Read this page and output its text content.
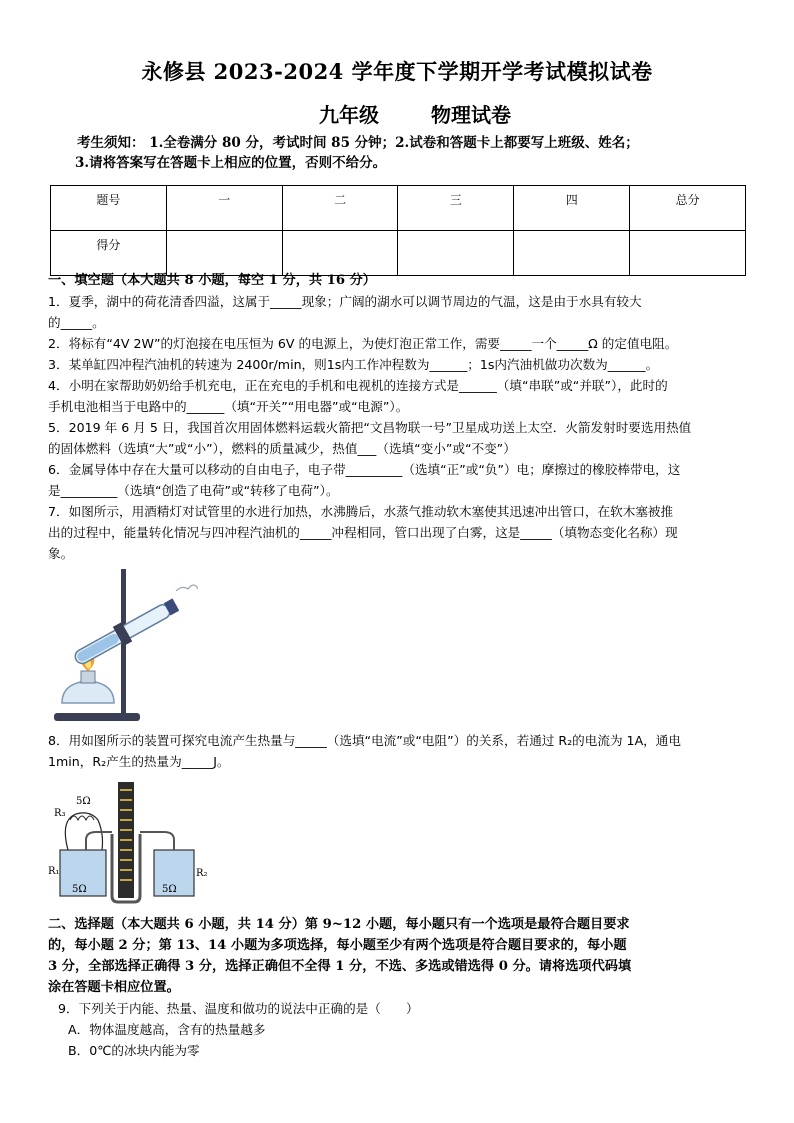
永修县 2023-2024 学年度下学期开学考试模拟试卷
九年级	物理试卷
考生须知： 1.全卷满分 80 分，考试时间 85 分钟；2.试卷和答题卡上都要写上班级、姓名；
3.请将答案写在答题卡上相应的位置，否则不给分。
题号	一	二	三	四	总分
得分					
一、填空题（本大题共 8 小题，每空 1 分，共 16 分）
1．夏季，湖中的荷花清香四溢，这属于_____现象；广阔的湖水可以调节周边的气温，这是由于水具有较大
的_____。
2．将标有“4V 2W”的灯泡接在电压恒为 6V 的电源上，为使灯泡正常工作，需要_____一个_____Ω 的定值电阻。
3．某单缸四冲程汽油机的转速为 2400r/min，则1s内工作冲程数为______；1s内汽油机做功次数为______。
4．小明在家帮助奶奶给手机充电，正在充电的手机和电视机的连接方式是______（填“串联”或“并联”），此时的
手机电池相当于电路中的______（填“开关”“用电器”或“电源”）。
5．2019 年 6 月 5 日，我国首次用固体燃料运载火箭把“文昌物联一号”卫星成功送上太空．火箭发射时要选用热值
的固体燃料（选填“大”或“小”），燃料的质量减少，热值___（选填“变小”或“不变”）
6．金属导体中存在大量可以移动的自由电子，电子带_________（选填“正”或“负”）电；摩擦过的橡胶棒带电，这
是_________（选填“创造了电荷”或“转移了电荷”）。
7．如图所示，用酒精灯对试管里的水进行加热，水沸腾后，水蒸气推动软木塞使其迅速冲出管口，在软木塞被推
出的过程中，能量转化情况与四冲程汽油机的_____冲程相同，管口出现了白雾，这是_____（填物态变化名称）现
象。
8．用如图所示的装置可探究电流产生热量与_____（选填“电流”或“电阻”）的关系，若通过 R₂的电流为 1A，通电
1min，R₂产生的热量为_____J。
5Ω
R₃
R₁	R₂
5Ω	5Ω
二、选择题（本大题共 6 小题，共 14 分）第 9~12 小题，每小题只有一个选项是最符合题目要求
的，每小题 2 分；第 13、14 小题为多项选择，每小题至少有两个选项是符合题目要求的，每小题
3 分，全部选择正确得 3 分，选择正确但不全得 1 分，不选、多选或错选得 0 分。请将选项代码填
涂在答题卡相应位置。
9．下列关于内能、热量、温度和做功的说法中正确的是（　　）
A．物体温度越高，含有的热量越多
B．0℃的冰块内能为零
